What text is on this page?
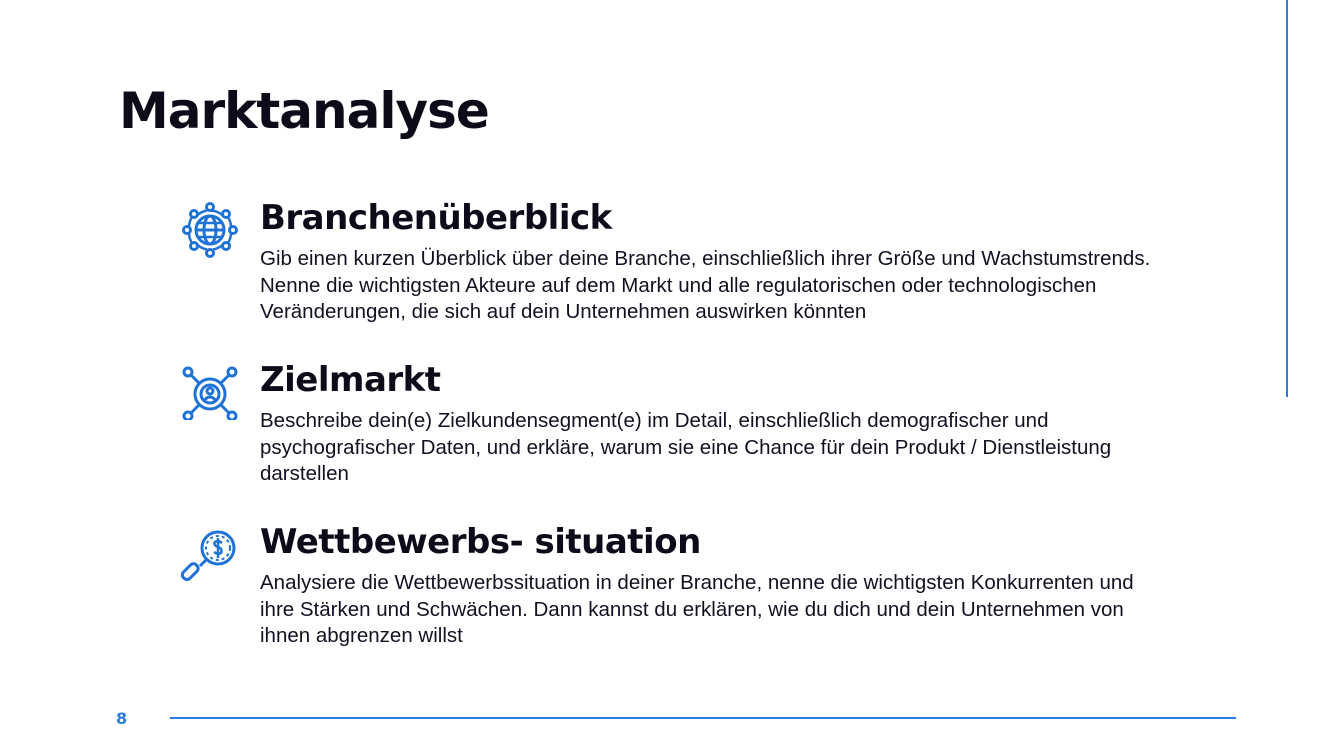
Marktanalyse
Branchenüberblick

Gib einen kurzen Überblick über deine Branche, einschließlich ihrer Größe und Wachstumstrends. Nenne die wichtigsten Akteure auf dem Markt und alle regulatorischen oder technologischen Veränderungen, die sich auf dein Unternehmen auswirken könnten

Zielmarkt

Beschreibe dein(e) Zielkundensegment(e) im Detail, einschließlich demografischer und psychografischer Daten, und erkläre, warum sie eine Chance für dein Produkt / Dienstleistung darstellen

Wettbewerbs- situation

Analysiere die Wettbewerbssituation in deiner Branche, nenne die wichtigsten Konkurrenten und ihre Stärken und Schwächen. Dann kannst du erklären, wie du dich und dein Unternehmen von ihnen abgrenzen willst

8
